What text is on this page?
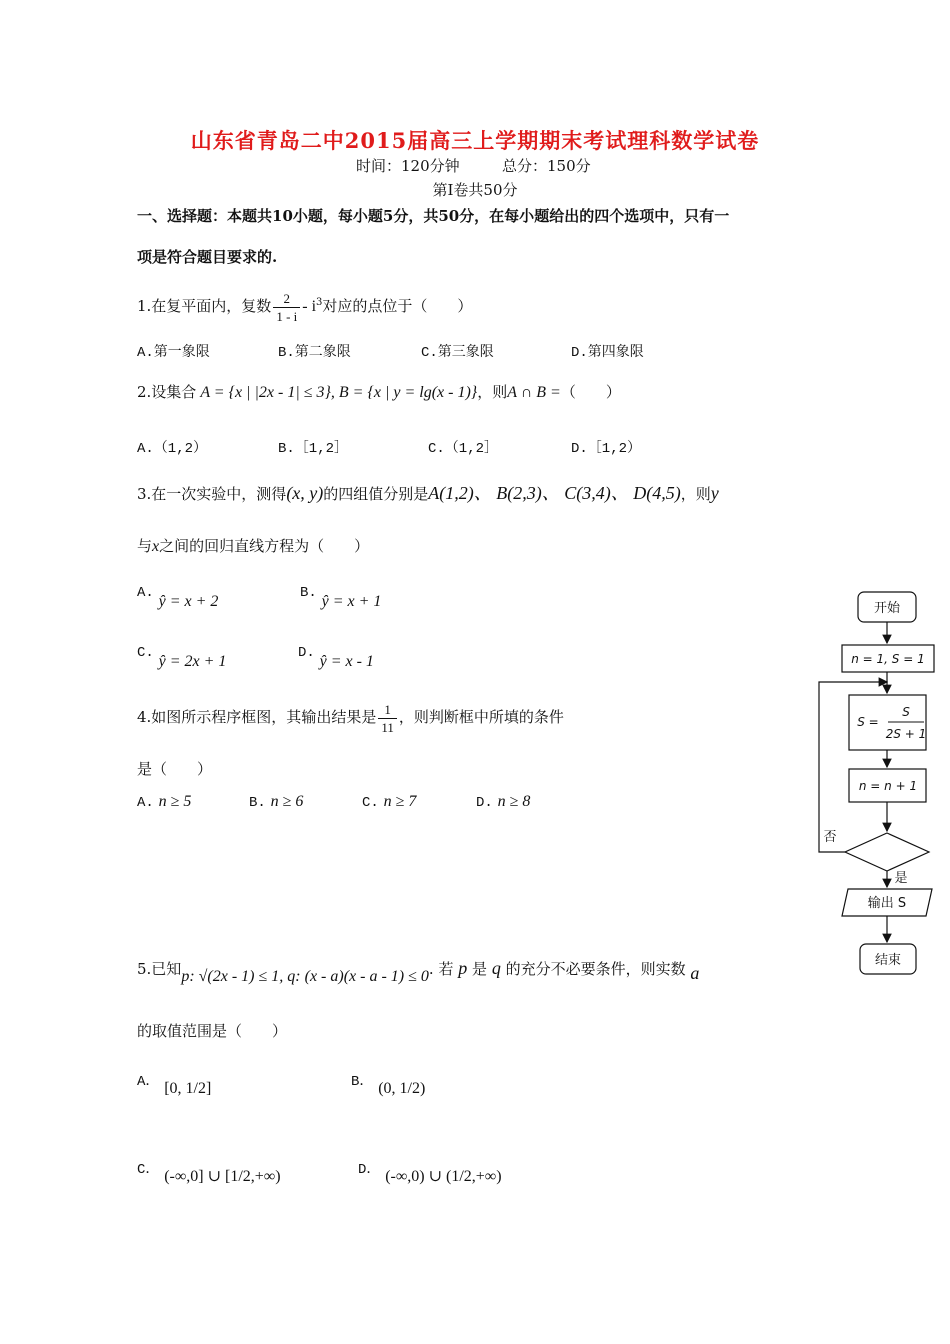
山东省青岛二中2015届高三上学期期末考试理科数学试卷
时间：120分钟	总分：150分
第Ⅰ卷共50分
一、选择题：本题共10小题，每小题5分，共50分，在每小题给出的四个选项中，只有一
项是符合题目要求的.
1.在复平面内，复数 $\frac{2}{1 - i} - i^3$对应的点位于（　　）
A.第一象限	B.第二象限	C.第三象限	D.第四象限
2.设集合 A = {x | |2x - 1| ≤ 3}, B = {x | y = lg(x - 1)}，则A ∩ B =（　　）
A.（1,2）	B.［1,2］	C.（1,2］	D.［1,2）
3.在一次实验中，测得(x, y)的四组值分别是A(1,2)、 B(2,3)、 C(3,4)、 D(4,5)，则y
与x之间的回归直线方程为（　　）
A. ŷ = x + 2	B. ŷ = x + 1
C. ŷ = 2x + 1	D. ŷ = x - 1
4.如图所示程序框图，其输出结果是 $\frac{1}{11}$ ，则判断框中所填的条件
是（　　）
A. n ≥ 5	B. n ≥ 6	C. n ≥ 7	D. n ≥ 8
开始
n = 1, S = 1
S =
S
2S + 1
n = n + 1
否
是
输出 S
结束
5.已知p: √(2x - 1) ≤ 1, q: (x - a)(x - a - 1) ≤ 0. 若 p 是 q 的充分不必要条件，则实数 a
的取值范围是（　　）
A． [0, 1/2]	B． (0, 1/2)
C． (-∞,0] ∪ [1/2,+∞)	D． (-∞,0) ∪ (1/2,+∞)
